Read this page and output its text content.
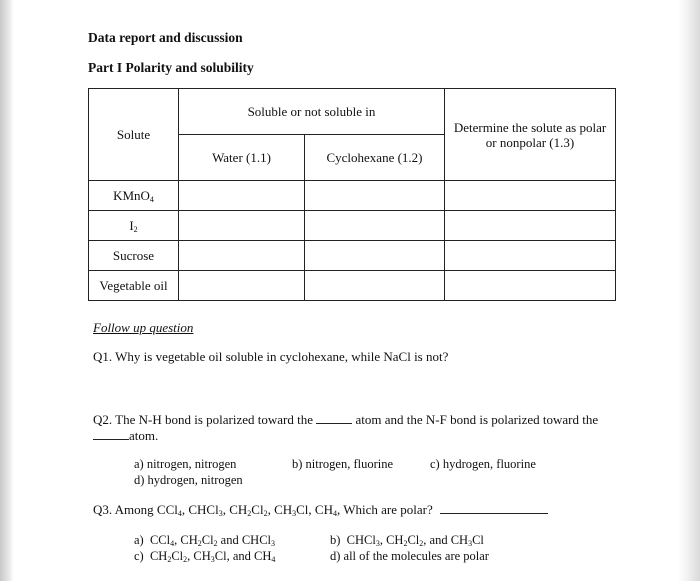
Data report and discussion
Part I Polarity and solubility
Solute	Soluble or not soluble in		Determine the solute as polar
or nonpolar (1.3)
	Water (1.1)	Cyclohexane (1.2)	
KMnO$_4$			
$I_2$			
Sucrose			
Vegetable oil			
Follow up question
Q1. Why is vegetable oil soluble in cyclohexane, while NaCl is not?
Q2. The N-H bond is polarized toward the	atom and the N-F bond is polarized toward the
atom.
a) nitrogen, nitrogen	b) nitrogen, fluorine	c) hydrogen, fluorine
d) hydrogen, nitrogen
Q3. Among CCl$_4$, CHCl$_3$, $CH_2Cl_2$, $CH_3Cl$, $CH_4$, Which are polar?
a)  CCl$_4$, $CH_2Cl_2$ and CHCl$_3$	b)  CHCl$_3$, $CH_2Cl_2$, and $CH_3Cl$
c)  $CH_2Cl_2$, $CH_3Cl$, and $CH_4$	d) all of the molecules are polar
